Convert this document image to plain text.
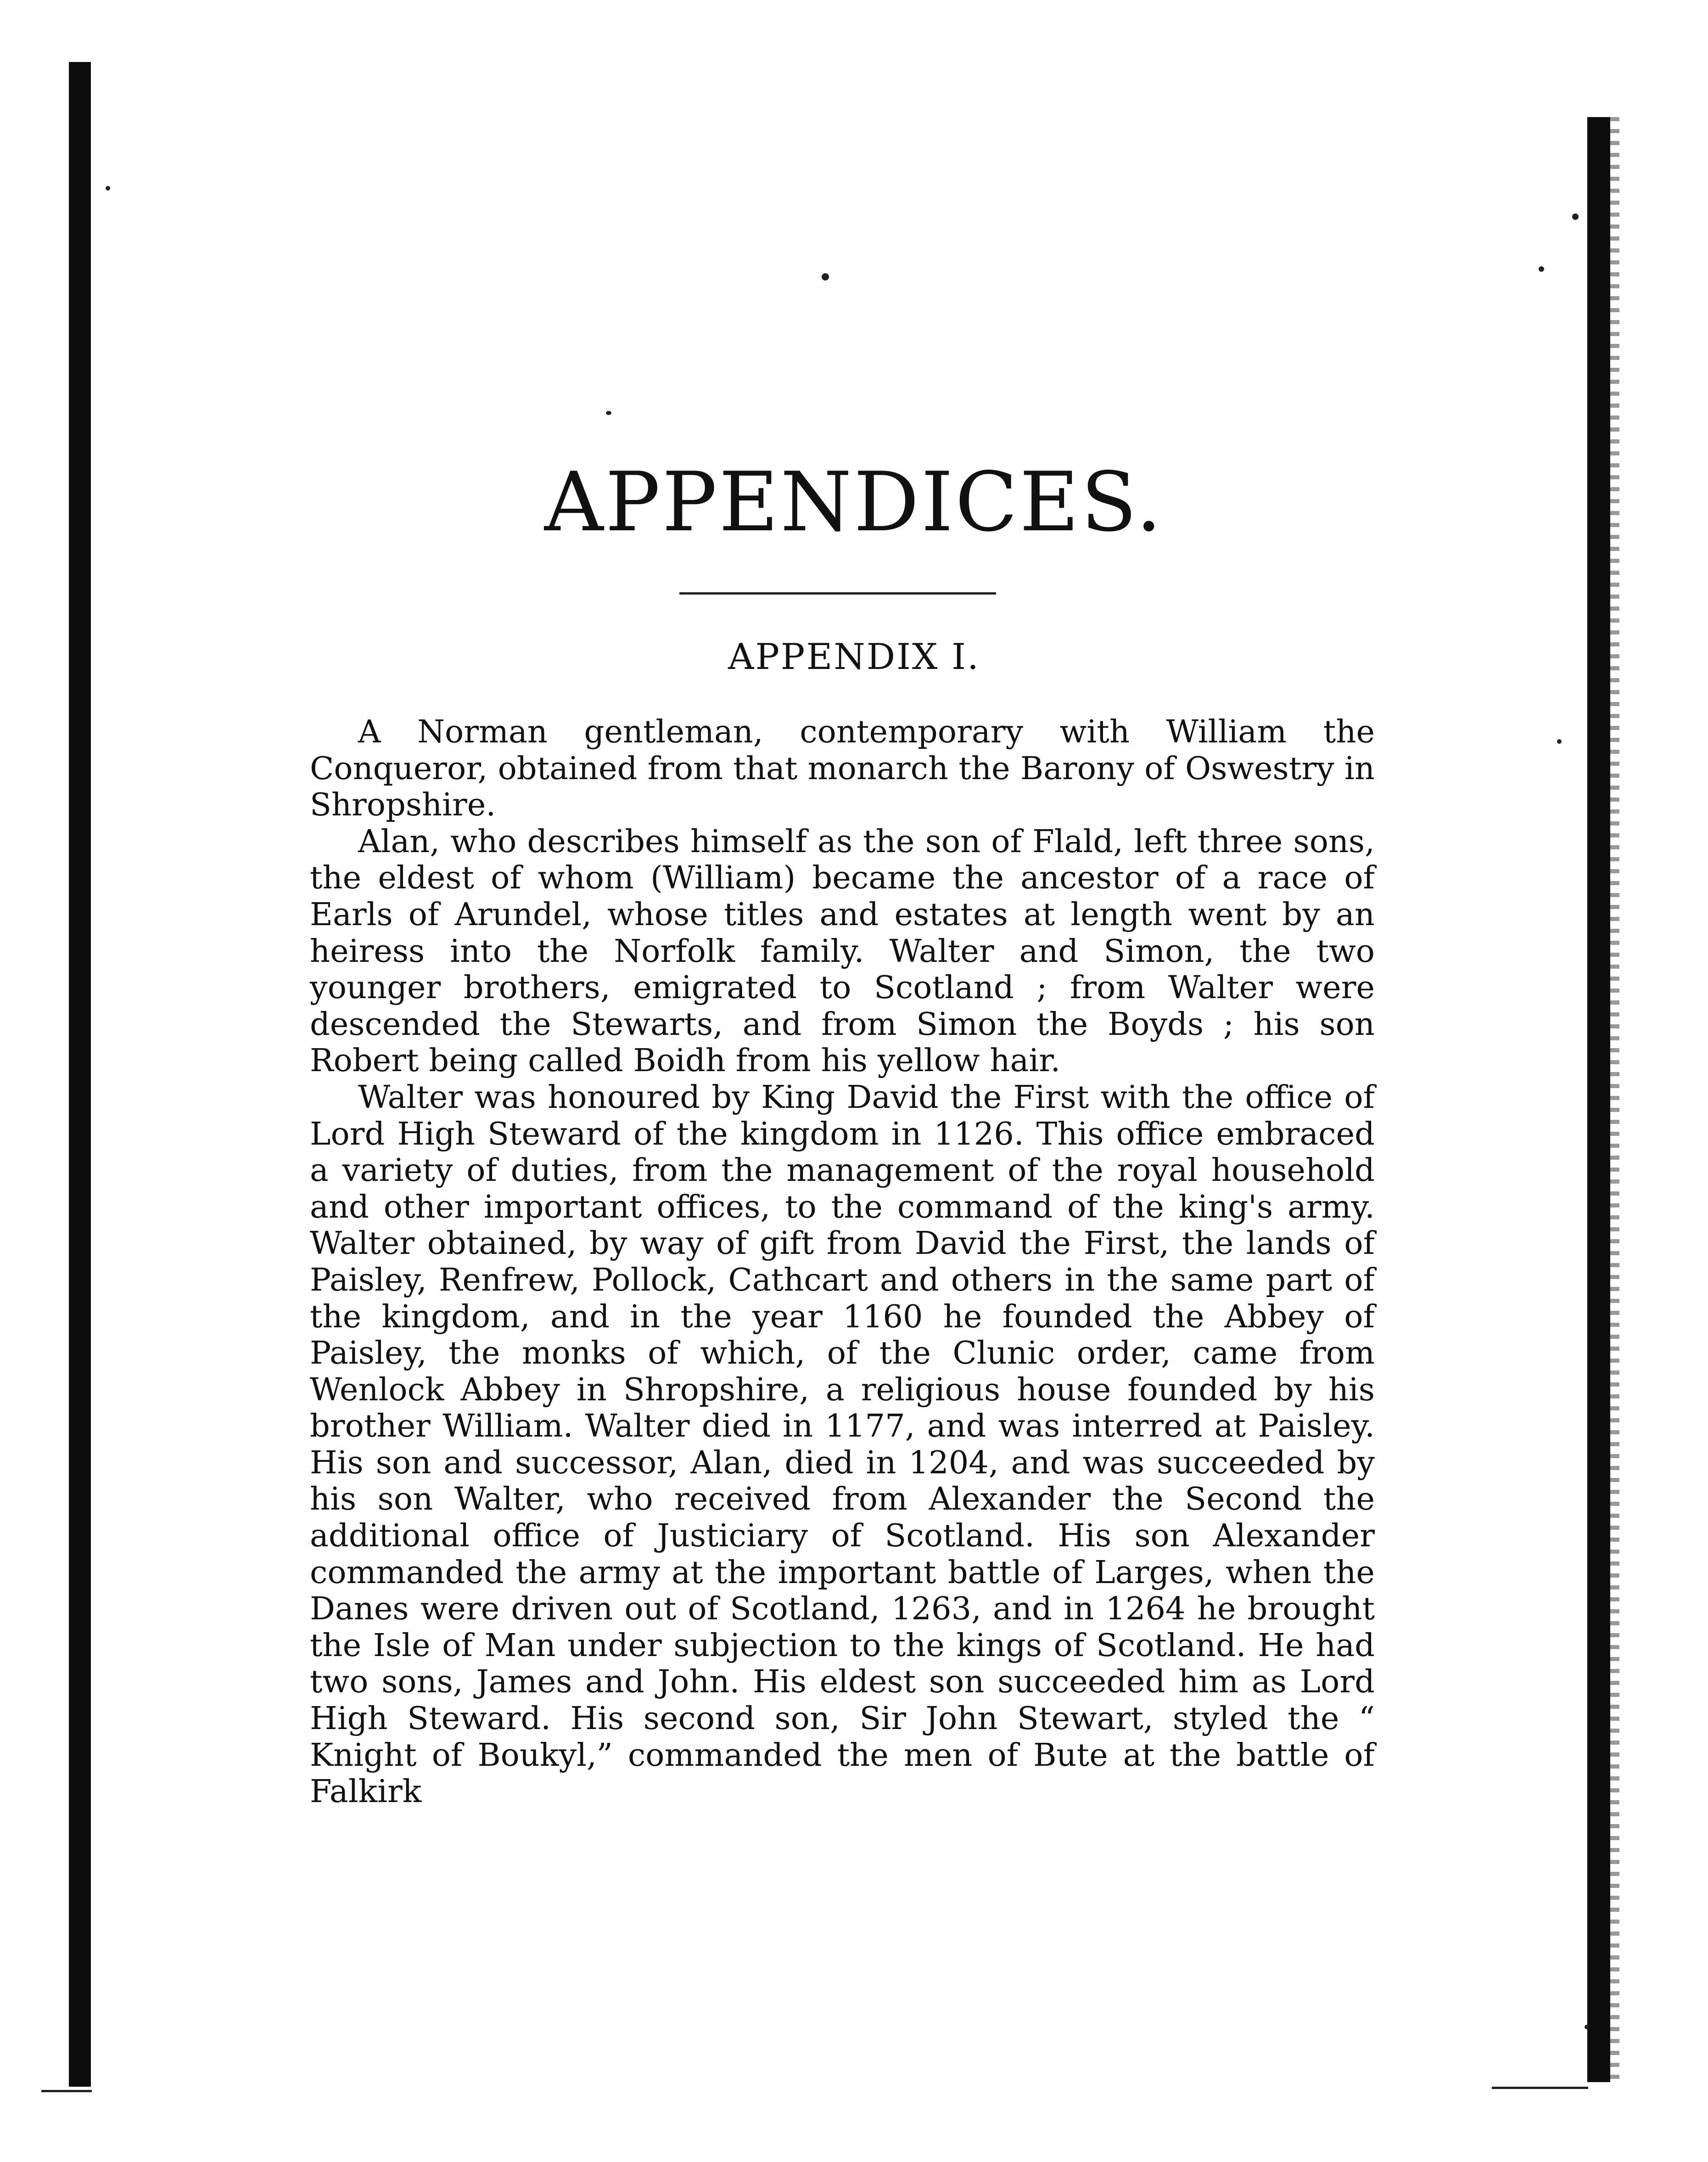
APPENDICES.
APPENDIX I.

A Norman gentleman, contemporary with William the Conqueror, obtained from that monarch the Barony of Oswestry in Shropshire.

Alan, who describes himself as the son of Flald, left three sons, the eldest of whom (William) became the ancestor of a race of Earls of Arundel, whose titles and estates at length went by an heiress into the Norfolk family. Walter and Simon, the two younger brothers, emigrated to Scotland ; from Walter were descended the Stewarts, and from Simon the Boyds ; his son Robert being called Boidh from his yellow hair.

Walter was honoured by King David the First with the office of Lord High Steward of the kingdom in 1126. This office embraced a variety of duties, from the management of the royal household and other important offices, to the command of the king's army. Walter obtained, by way of gift from David the First, the lands of Paisley, Renfrew, Pollock, Cathcart and others in the same part of the kingdom, and in the year 1160 he founded the Abbey of Paisley, the monks of which, of the Clunic order, came from Wenlock Abbey in Shropshire, a religious house founded by his brother William. Walter died in 1177, and was interred at Paisley. His son and successor, Alan, died in 1204, and was succeeded by his son Walter, who received from Alexander the Second the additional office of Justiciary of Scotland. His son Alexander commanded the army at the important battle of Larges, when the Danes were driven out of Scotland, 1263, and in 1264 he brought the Isle of Man under subjection to the kings of Scotland. He had two sons, James and John. His eldest son succeeded him as Lord High Steward. His second son, Sir John Stewart, styled the “ Knight of Boukyl,” commanded the men of Bute at the battle of Falkirk
